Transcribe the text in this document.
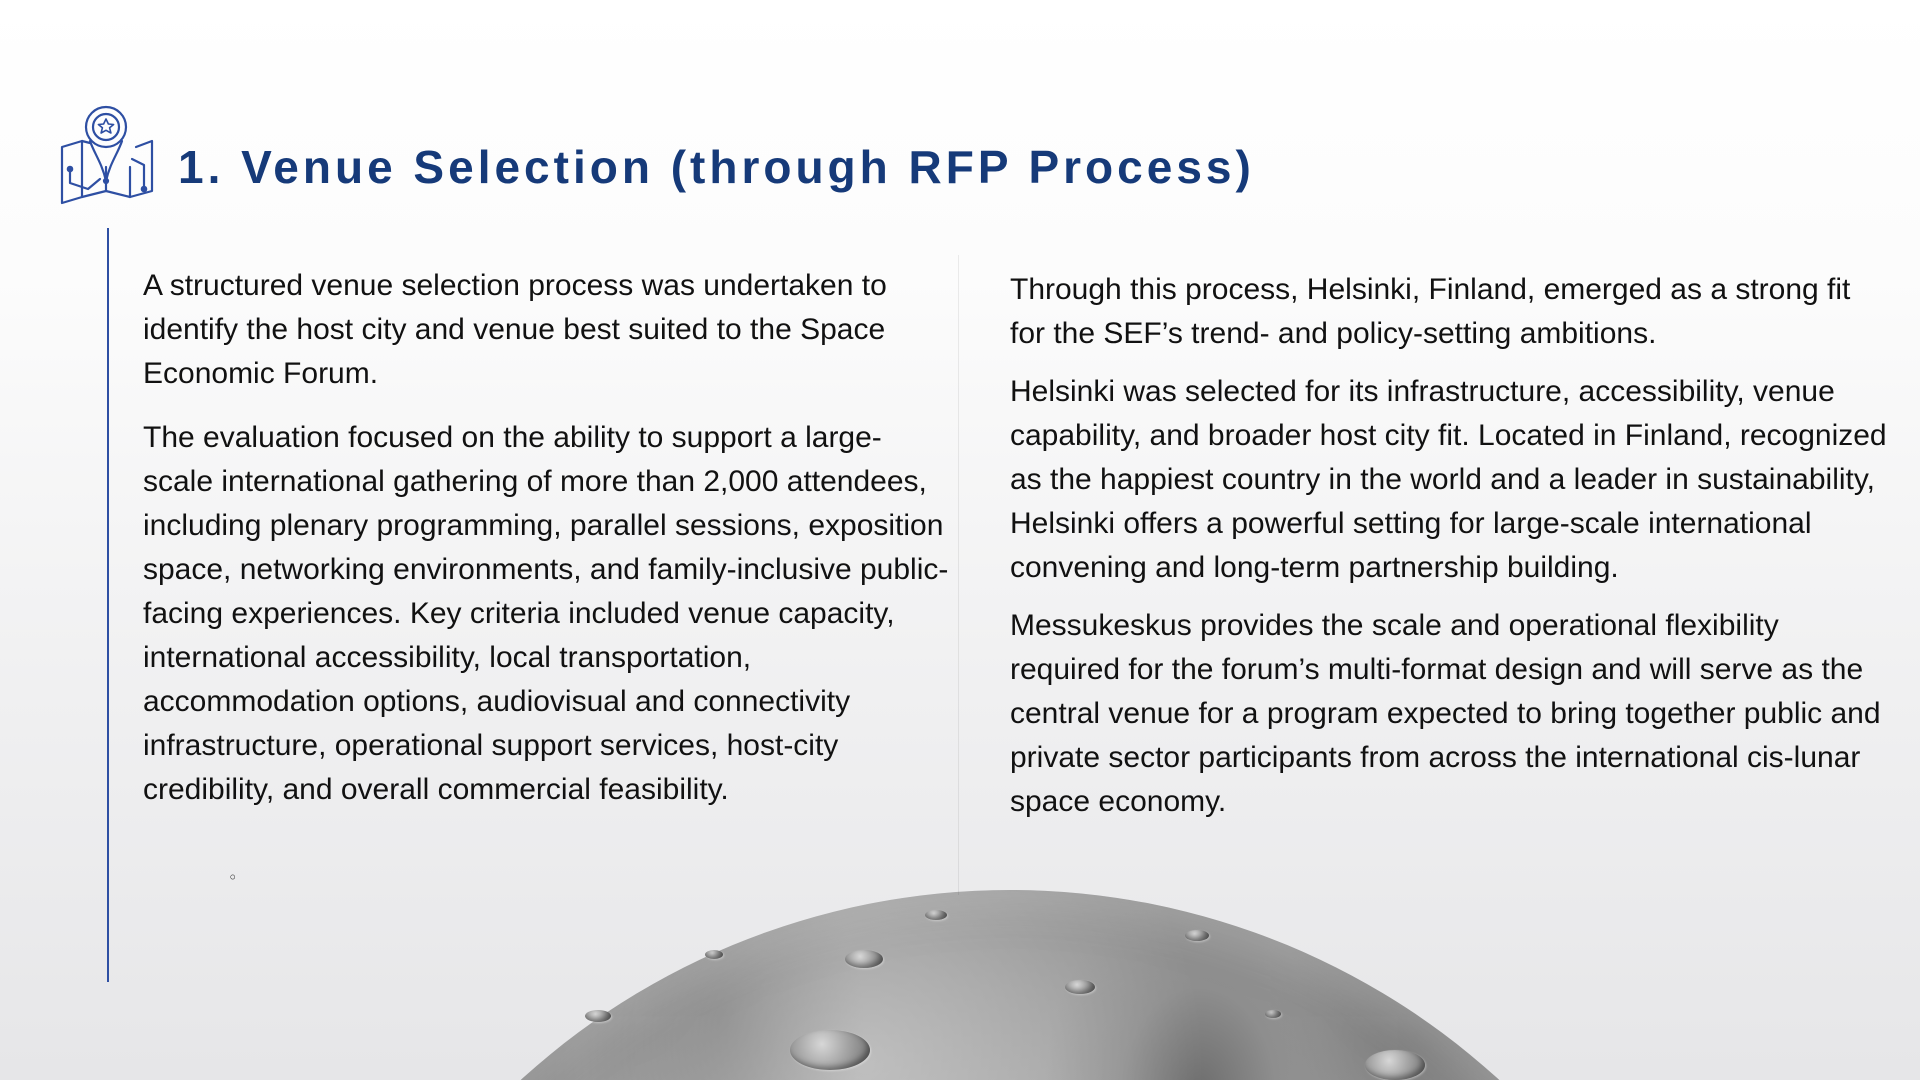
1. Venue Selection (through RFP Process)

A structured venue selection process was undertaken to identify the host city and venue best suited to the Space Economic Forum.

The evaluation focused on the ability to support a large-scale international gathering of more than 2,000 attendees, including plenary programming, parallel sessions, exposition space, networking environments, and family-inclusive public-facing experiences. Key criteria included venue capacity, international accessibility, local transportation, accommodation options, audiovisual and connectivity infrastructure, operational support services, host-city credibility, and overall commercial feasibility.

◦

Through this process, Helsinki, Finland, emerged as a strong fit for the SEF’s trend- and policy-setting ambitions.

Helsinki was selected for its infrastructure, accessibility, venue capability, and broader host city fit. Located in Finland, recognized as the happiest country in the world and a leader in sustainability, Helsinki offers a powerful setting for large-scale international convening and long-term partnership building.

Messukeskus provides the scale and operational flexibility required for the forum’s multi-format design and will serve as the central venue for a program expected to bring together public and private sector participants from across the international cis-lunar space economy.
